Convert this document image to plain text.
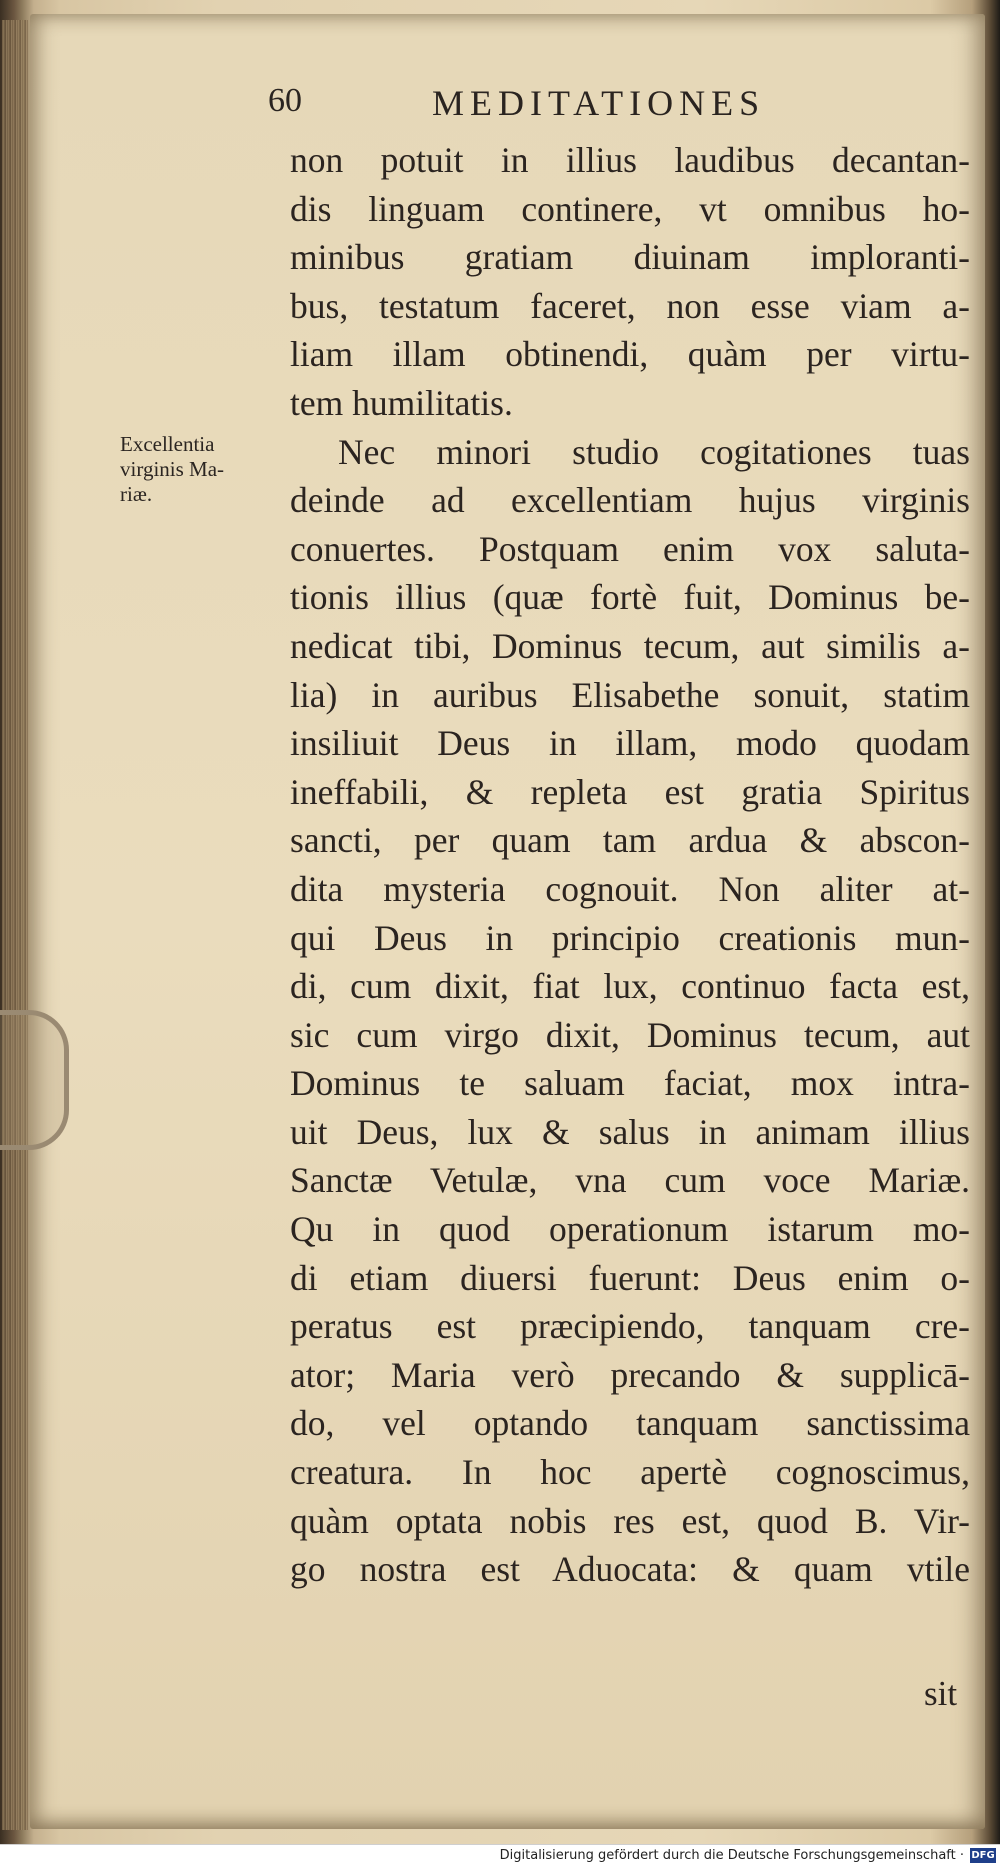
60	MEDITATIONES
Excellentia
virginis Ma-
riæ.
non potuit in illius laudibus decantan-
dis linguam continere, vt omnibus ho-
minibus gratiam diuinam imploranti-
bus, testatum faceret, non esse viam a-
liam illam obtinendi, quàm per virtu-
tem humilitatis.
Nec minori studio cogitationes tuas
deinde ad excellentiam hujus virginis
conuertes. Postquam enim vox saluta-
tionis illius (quæ fortè fuit, Dominus be-
nedicat tibi, Dominus tecum, aut similis a-
lia) in auribus Elisabethe sonuit, statim
insiliuit Deus in illam, modo quodam
ineffabili, & repleta est gratia Spiritus
sancti, per quam tam ardua & abscon-
dita mysteria cognouit. Non aliter at-
qui Deus in principio creationis mun-
di, cum dixit, fiat lux, continuo facta est,
sic cum virgo dixit, Dominus tecum, aut
Dominus te saluam faciat, mox intra-
uit Deus, lux & salus in animam illius
Sanctæ Vetulæ, vna cum voce Mariæ.
Qu in quod operationum istarum mo-
di etiam diuersi fuerunt: Deus enim o-
peratus est præcipiendo, tanquam cre-
ator; Maria verò precando & supplicā-
do, vel optando tanquam sanctissima
creatura. In hoc apertè cognoscimus,
quàm optata nobis res est, quod B. Vir-
go nostra est Aduocata: & quam vtile
sit
Digitalisierung gefördert durch die Deutsche Forschungsgemeinschaft · DFG
